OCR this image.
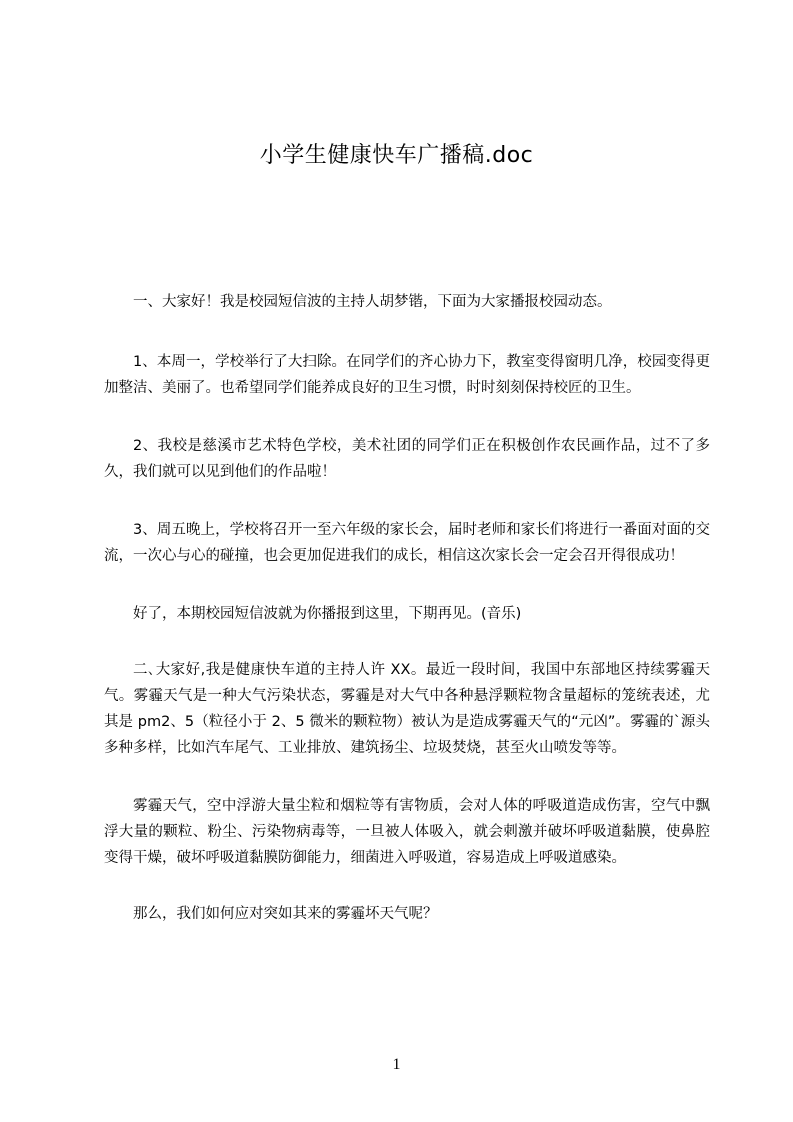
小学生健康快车广播稿.doc

一、大家好！我是校园短信波的主持人胡梦锴，下面为大家播报校园动态。

1、本周一，学校举行了大扫除。在同学们的齐心协力下，教室变得窗明几净，校园变得更加整洁、美丽了。也希望同学们能养成良好的卫生习惯，时时刻刻保持校匠的卫生。

2、我校是慈溪市艺术特色学校，美术社团的同学们正在积极创作农民画作品，过不了多久，我们就可以见到他们的作品啦！

3、周五晚上，学校将召开一至六年级的家长会，届时老师和家长们将进行一番面对面的交流，一次心与心的碰撞，也会更加促进我们的成长，相信这次家长会一定会召开得很成功！

好了，本期校园短信波就为你播报到这里，下期再见。(音乐)

二､大家好,我是健康快车道的主持人许 XX。最近一段时间，我国中东部地区持续雾霾天气。雾霾天气是一种大气污染状态，雾霾是对大气中各种悬浮颗粒物含量超标的笼统表述，尤其是 pm2、5（粒径小于 2、5 微米的颗粒物）被认为是造成雾霾天气的“元凶”。雾霾的`源头多种多样，比如汽车尾气、工业排放、建筑扬尘、垃圾焚烧，甚至火山喷发等等。

雾霾天气，空中浮游大量尘粒和烟粒等有害物质，会对人体的呼吸道造成伤害，空气中飘浮大量的颗粒、粉尘、污染物病毒等，一旦被人体吸入，就会刺激并破坏呼吸道黏膜，使鼻腔变得干燥，破坏呼吸道黏膜防御能力，细菌进入呼吸道，容易造成上呼吸道感染。

那么，我们如何应对突如其来的雾霾坏天气呢？

1
